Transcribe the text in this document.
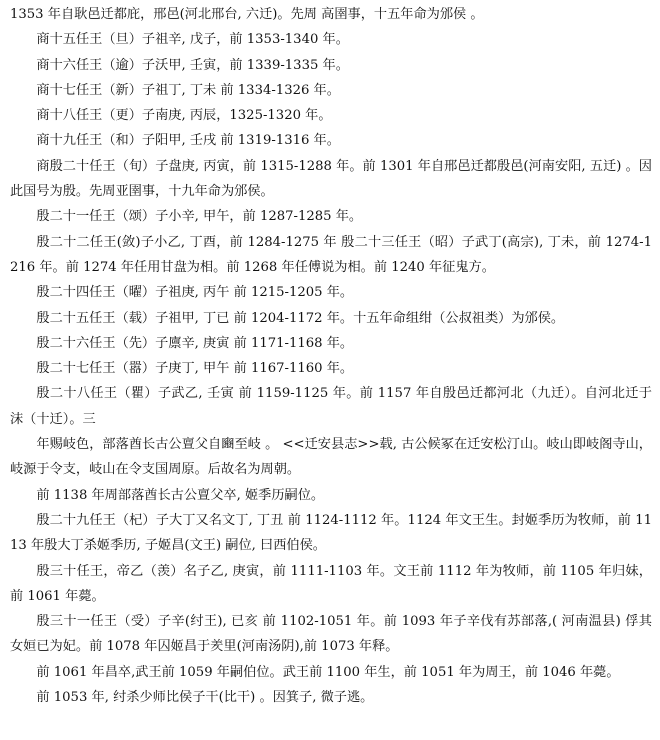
1353 年自耿邑迁都庇，邢邑(河北邢台, 六迁)。先周 高圉事，十五年命为邠侯 。

商十五任王（旦）子祖辛, 戊子，前 1353-1340 年。

商十六任王（逾）子沃甲, 壬寅，前 1339-1335 年。

商十七任王（新）子祖丁, 丁未 前 1334-1326 年。

商十八任王（更）子南庚, 丙辰，1325-1320 年。

商十九任王（和）子阳甲, 壬戌 前 1319-1316 年。

商殷二十任王（旬）子盘庚, 丙寅，前 1315-1288 年。前 1301 年自邢邑迁都殷邑(河南安阳, 五迁) 。因此国号为殷。先周亚圉事，十九年命为邠侯。

殷二十一任王（颂）子小辛, 甲午，前 1287-1285 年。

殷二十二任王(敛)子小乙, 丁酉，前 1284-1275 年 殷二十三任王（昭）子武丁(高宗), 丁未，前 1274-1216 年。前 1274 年任用甘盘为相。前 1268 年任傅说为相。前 1240 年征鬼方。

殷二十四任王（曜）子祖庚, 丙午 前 1215-1205 年。

殷二十五任王（载）子祖甲, 丁已 前 1204-1172 年。十五年命组绀（公叔祖类）为邠侯。

殷二十六任王（先）子廪辛, 庚寅 前 1171-1168 年。

殷二十七任王（嚣）子庚丁, 甲午 前 1167-1160 年。

殷二十八任王（瞿）子武乙, 壬寅 前 1159-1125 年。前 1157 年自殷邑迁都河北（九迁）。自河北迁于沫（十迁）。三

年赐岐色，部落酋长古公亶父自豳至岐 。 <<迁安县志>>载, 古公候冢在迁安松汀山。岐山即岐阁寺山，岐源于令支，岐山在令支国周原。后故名为周朝。

前 1138 年周部落酋长古公亶父卒, 姬季历嗣位。

殷二十九任王（杞）子大丁又名文丁, 丁丑 前 1124-1112 年。1124 年文王生。封姬季历为牧师，前 1113 年殷大丁杀姬季历, 子姬昌(文王) 嗣位, 曰西伯侯。

殷三十任王，帝乙（羡）名子乙, 庚寅，前 1111-1103 年。文王前 1112 年为牧师，前 1105 年归妹，前 1061 年薨。

殷三十一任王（受）子辛(纣王), 已亥 前 1102-1051 年。前 1093 年子辛伐有苏部落,( 河南温县) 俘其女姮已为妃。前 1078 年囚姬昌于羑里(河南汤阴),前 1073 年释。

前 1061 年昌卒,武王前 1059 年嗣伯位。武王前 1100 年生，前 1051 年为周王，前 1046 年薨。

前 1053 年, 纣杀少师比侯子干(比干) 。因箕子, 微子逃。
